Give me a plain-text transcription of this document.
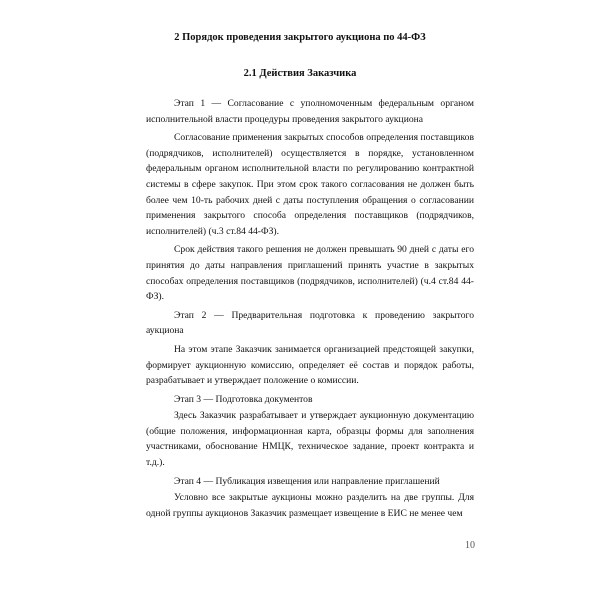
2 Порядок проведения закрытого аукциона по 44-ФЗ
2.1 Действия Заказчика

Этап 1 — Согласование с уполномоченным федеральным органом исполнительной власти процедуры проведения закрытого аукциона

Согласование применения закрытых способов определения поставщиков (подрядчиков, исполнителей) осуществляется в порядке, установленном федеральным органом исполнительной власти по регулированию контрактной системы в сфере закупок. При этом срок такого согласования не должен быть более чем 10-ть рабочих дней с даты поступления обращения о согласовании применения закрытого способа определения поставщиков (подрядчиков, исполнителей) (ч.3 ст.84 44-ФЗ).

Срок действия такого решения не должен превышать 90 дней с даты его принятия до даты направления приглашений принять участие в закрытых способах определения поставщиков (подрядчиков, исполнителей) (ч.4 ст.84 44-ФЗ).

Этап 2 — Предварительная подготовка к проведению закрытого аукциона

На этом этапе Заказчик занимается организацией предстоящей закупки, формирует аукционную комиссию, определяет её состав и порядок работы, разрабатывает и утверждает положение о комиссии.

Этап 3 — Подготовка документов

Здесь Заказчик разрабатывает и утверждает аукционную документацию (общие положения, информационная карта, образцы формы для заполнения участниками, обоснование НМЦК, техническое задание, проект контракта и т.д.).

Этап 4 — Публикация извещения или направление приглашений

Условно все закрытые аукционы можно разделить на две группы. Для одной группы аукционов Заказчик размещает извещение в ЕИС не менее чем

10
